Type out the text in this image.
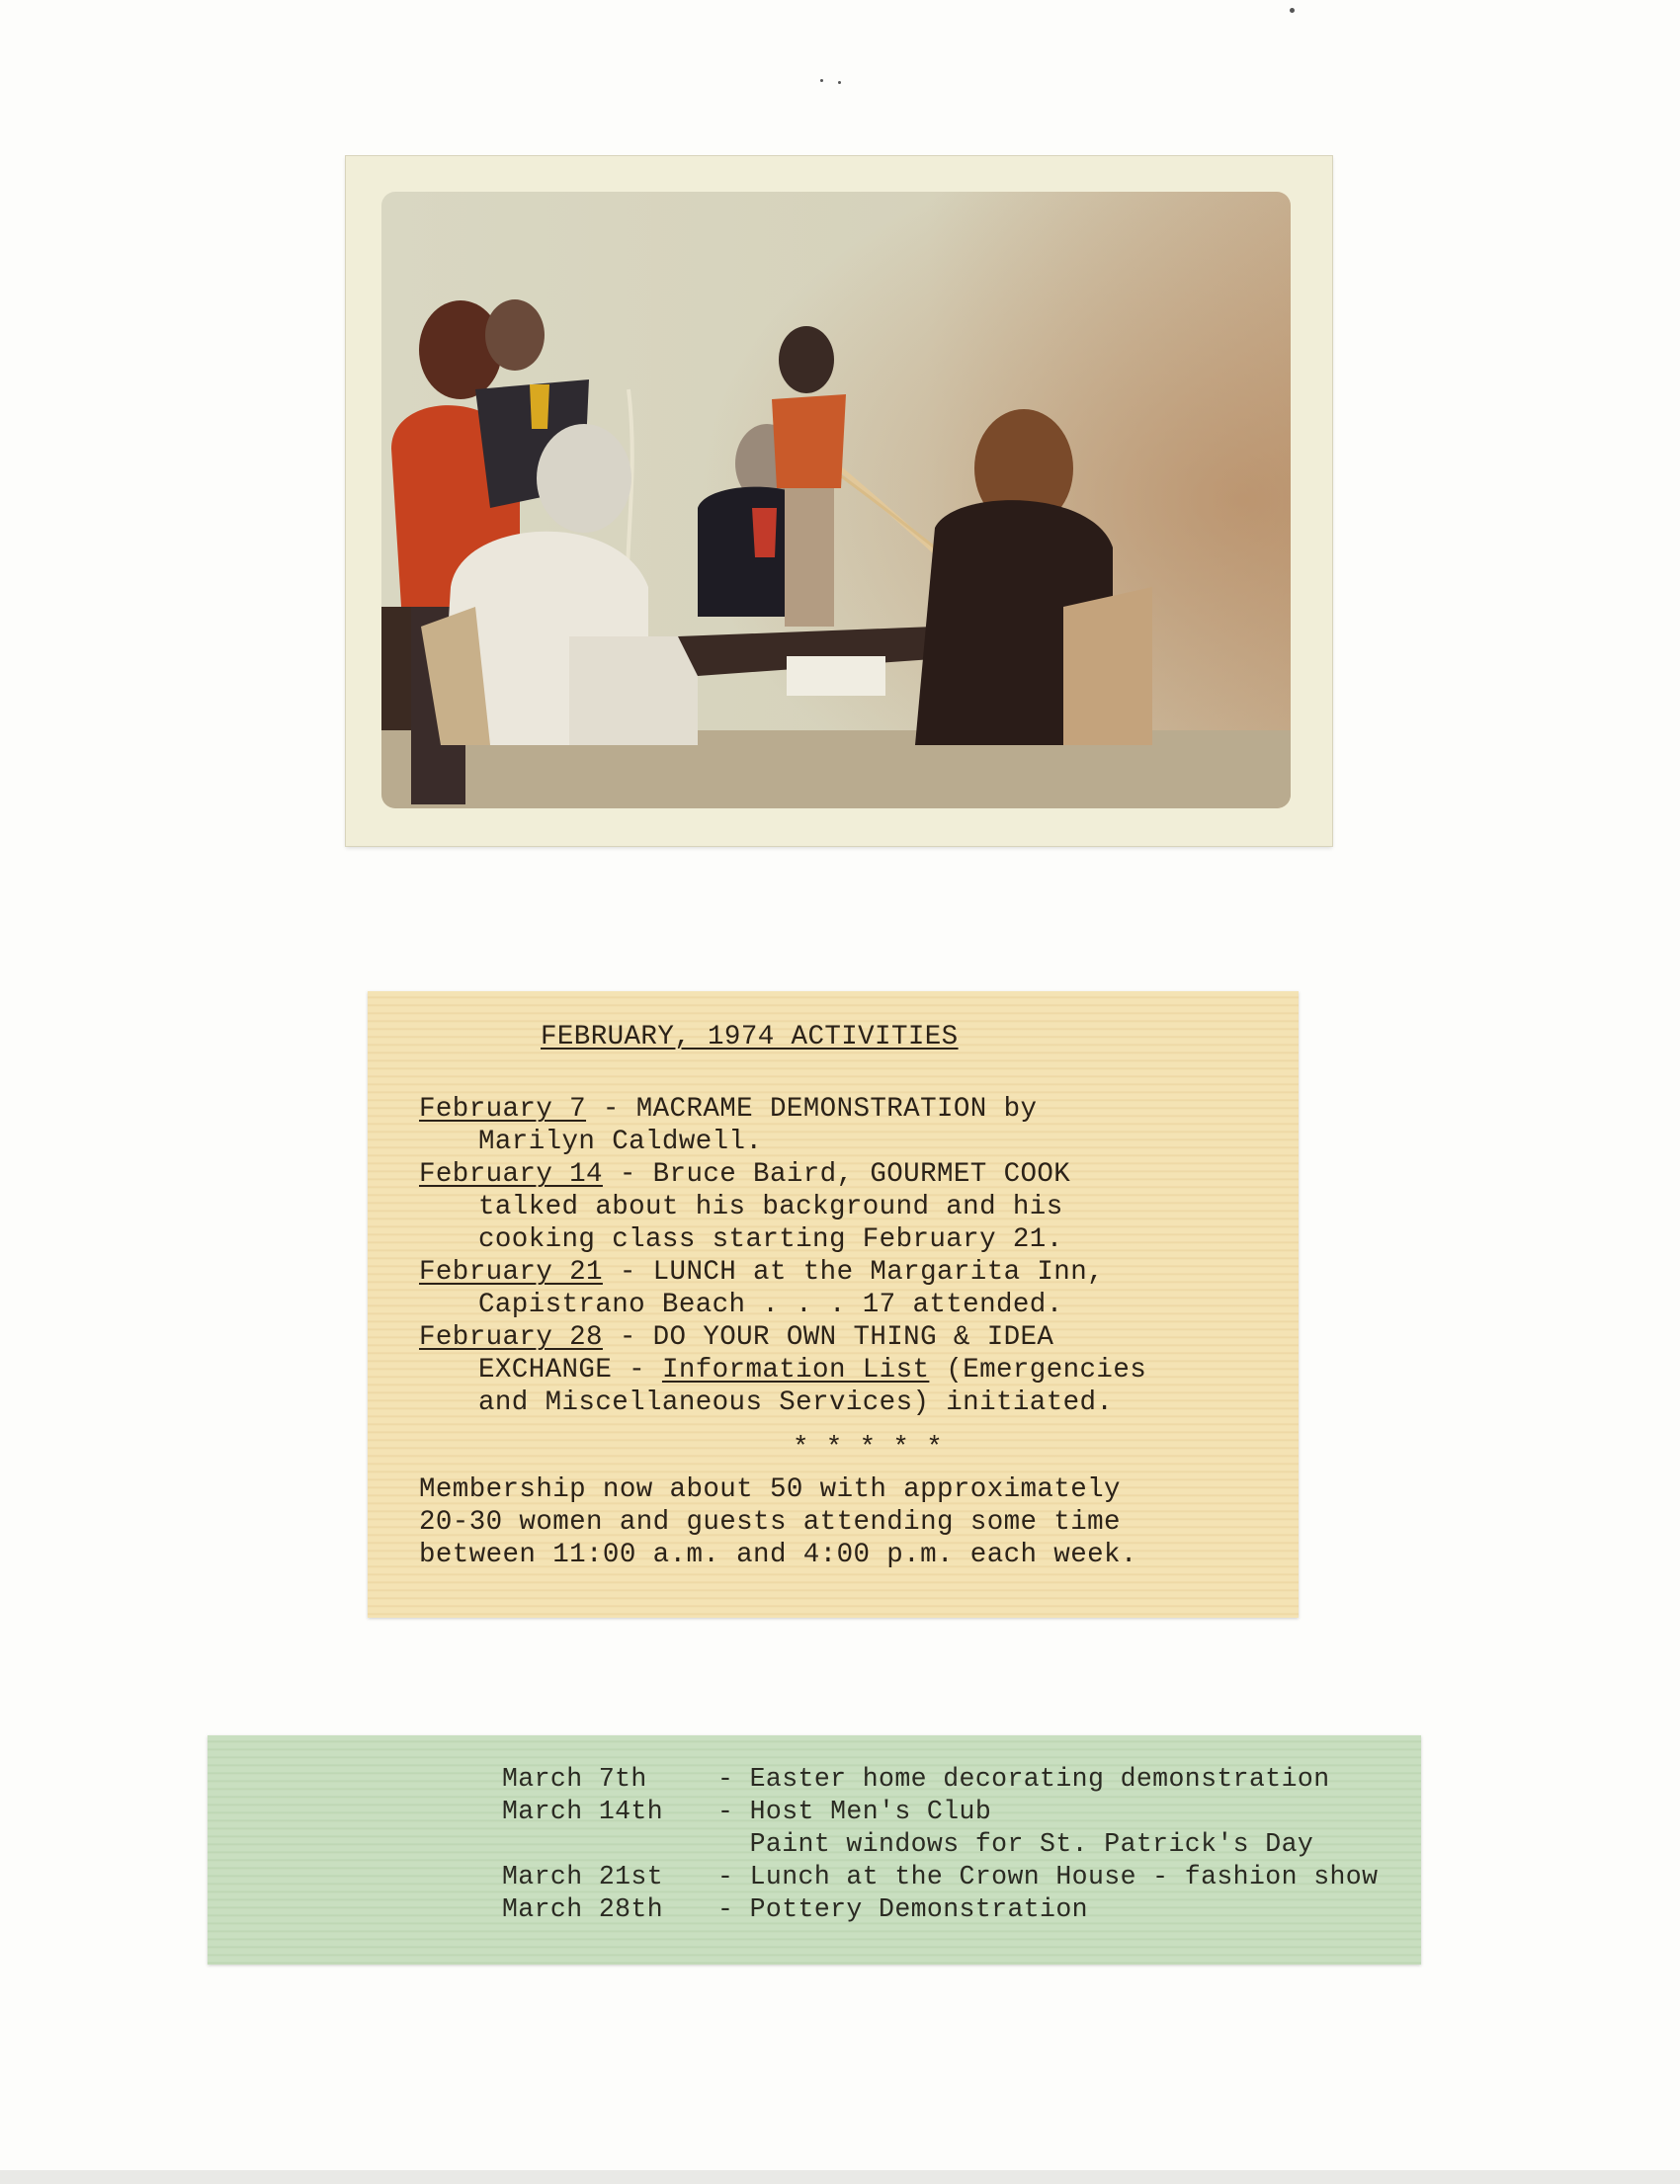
FEBRUARY, 1974 ACTIVITIES
February 7 - MACRAME DEMONSTRATION by
Marilyn Caldwell.
February 14 - Bruce Baird, GOURMET COOK
talked about his background and his
cooking class starting February 21.
February 21 - LUNCH at the Margarita Inn,
Capistrano Beach . . . 17 attended.
February 28 - DO YOUR OWN THING & IDEA
EXCHANGE - Information List (Emergencies
and Miscellaneous Services) initiated.
* * * * *
Membership now about 50 with approximately
20-30 women and guests attending some time
between 11:00 a.m. and 4:00 p.m. each week.

March 7th	- Easter home decorating demonstration
March 14th - Host Men's Club
Paint windows for St. Patrick's Day
March 21st - Lunch at the Crown House - fashion show
March 28th - Pottery Demonstration
